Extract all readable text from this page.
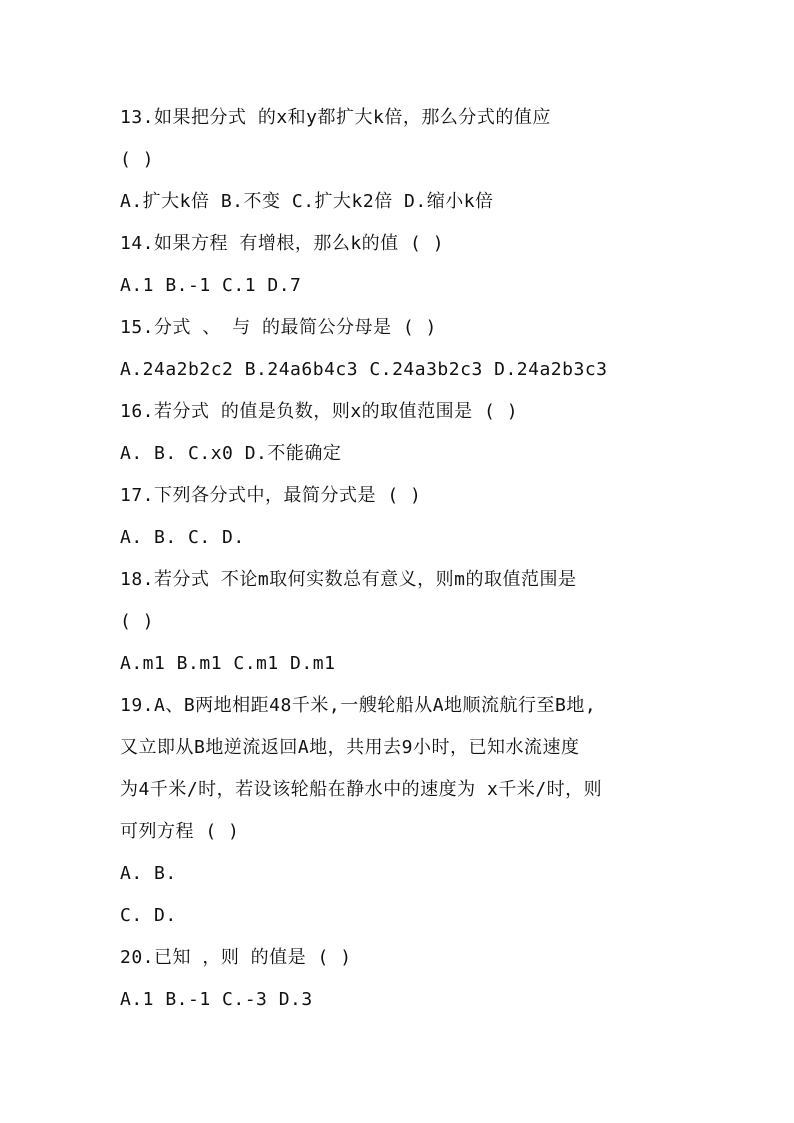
13.如果把分式 的x和y都扩大k倍，那么分式的值应
( )
A.扩大k倍 B.不变 C.扩大k2倍 D.缩小k倍
14.如果方程 有增根，那么k的值 ( )
A.1 B.-1 C.1 D.7
15.分式 、 与 的最简公分母是 ( )
A.24a2b2c2 B.24a6b4c3 C.24a3b2c3 D.24a2b3c3
16.若分式 的值是负数，则x的取值范围是 ( )
A. B. C.x0 D.不能确定
17.下列各分式中，最简分式是 ( )
A. B. C. D.
18.若分式 不论m取何实数总有意义，则m的取值范围是
( )
A.m1 B.m1 C.m1 D.m1
19.A、B两地相距48千米,一艘轮船从A地顺流航行至B地,
又立即从B地逆流返回A地，共用去9小时，已知水流速度
为4千米/时，若设该轮船在静水中的速度为 x千米/时，则
可列方程 ( )
A. B.
C. D.
20.已知 ，则 的值是 ( )
A.1 B.-1 C.-3 D.3
